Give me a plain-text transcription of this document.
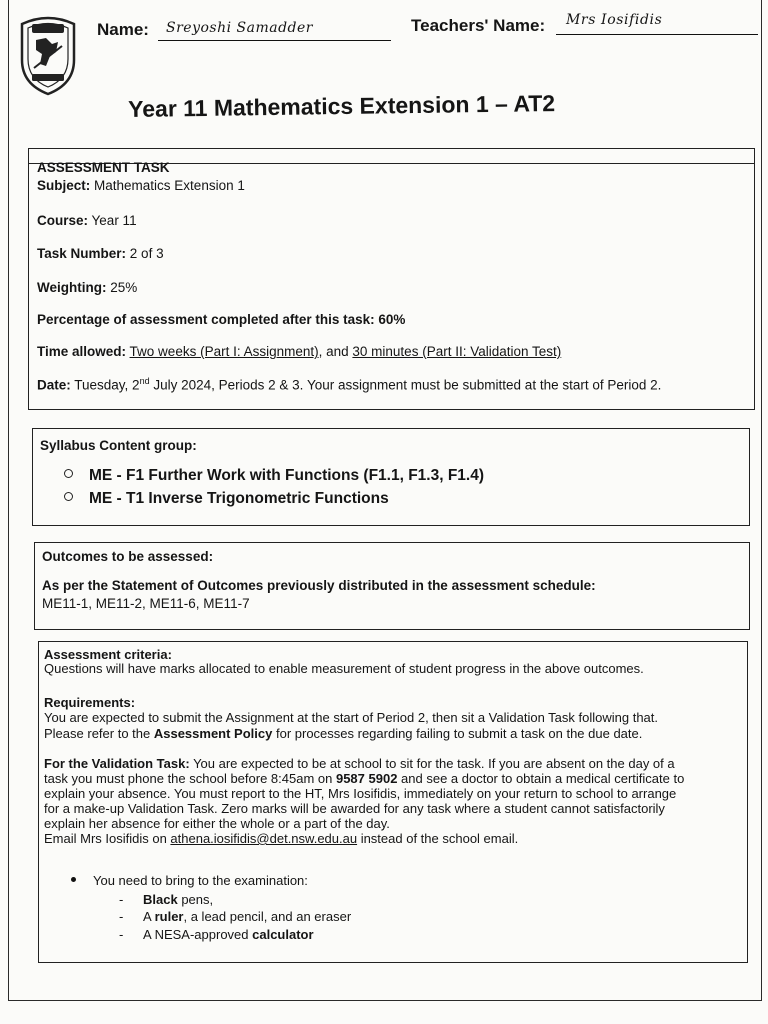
Name: Sreyoshi Samadder	Teachers' Name: Mrs Iosifidis
Year 11 Mathematics Extension 1 – AT2
ASSESSMENT TASK
Subject: Mathematics Extension 1
Course: Year 11
Task Number: 2 of 3
Weighting: 25%
Percentage of assessment completed after this task: 60%
Time allowed: Two weeks (Part I: Assignment), and 30 minutes (Part II: Validation Test)
Date: Tuesday, 2nd July 2024, Periods 2 & 3. Your assignment must be submitted at the start of Period 2.
Syllabus Content group:
ME - F1 Further Work with Functions (F1.1, F1.3, F1.4)
ME - T1 Inverse Trigonometric Functions
Outcomes to be assessed:
As per the Statement of Outcomes previously distributed in the assessment schedule:
ME11-1, ME11-2, ME11-6, ME11-7
Assessment criteria:
Questions will have marks allocated to enable measurement of student progress in the above outcomes.
Requirements:
You are expected to submit the Assignment at the start of Period 2, then sit a Validation Task following that.
Please refer to the Assessment Policy for processes regarding failing to submit a task on the due date.
For the Validation Task: You are expected to be at school to sit for the task. If you are absent on the day of a
task you must phone the school before 8:45am on 9587 5902 and see a doctor to obtain a medical certificate to
explain your absence. You must report to the HT, Mrs Iosifidis, immediately on your return to school to arrange
for a make-up Validation Task. Zero marks will be awarded for any task where a student cannot satisfactorily
explain her absence for either the whole or a part of the day.
Email Mrs Iosifidis on athena.iosifidis@det.nsw.edu.au instead of the school email.
You need to bring to the examination:
- Black pens,
- A ruler, a lead pencil, and an eraser
- A NESA-approved calculator
